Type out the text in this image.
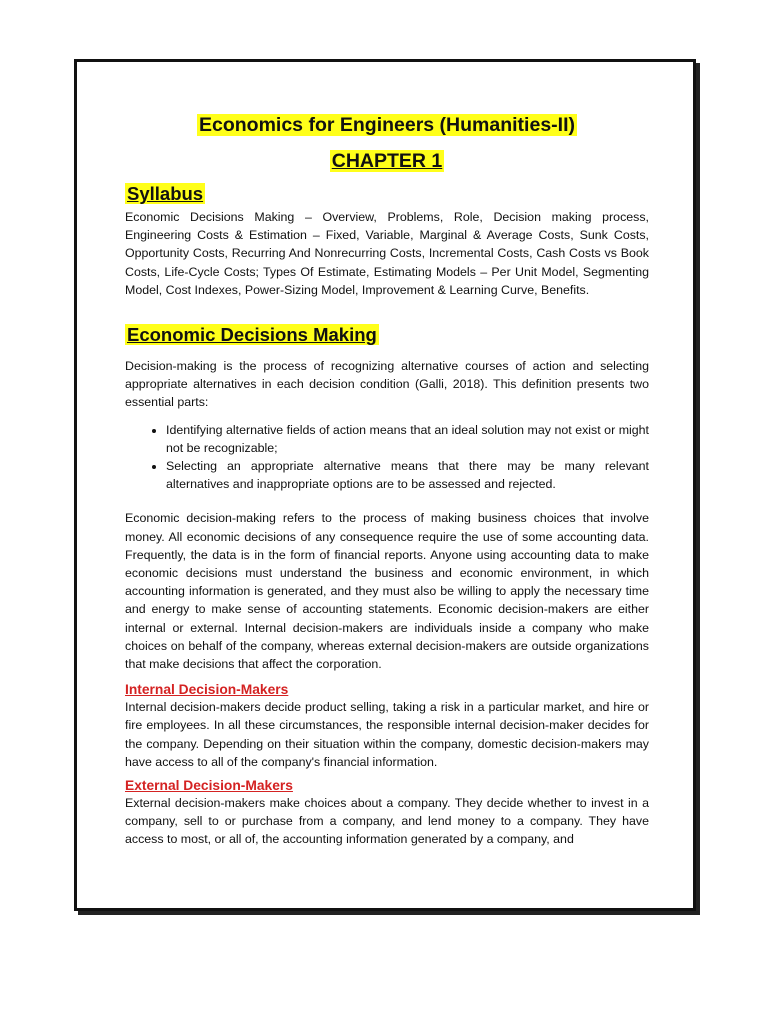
Economics for Engineers (Humanities-II)
CHAPTER 1
Syllabus

Economic Decisions Making – Overview, Problems, Role, Decision making process, Engineering Costs & Estimation – Fixed, Variable, Marginal & Average Costs, Sunk Costs, Opportunity Costs, Recurring And Nonrecurring Costs, Incremental Costs, Cash Costs vs Book Costs, Life-Cycle Costs; Types Of Estimate, Estimating Models – Per Unit Model, Segmenting Model, Cost Indexes, Power-Sizing Model, Improvement & Learning Curve, Benefits.

Economic Decisions Making

Decision-making is the process of recognizing alternative courses of action and selecting appropriate alternatives in each decision condition (Galli, 2018). This definition presents two essential parts:

• Identifying alternative fields of action means that an ideal solution may not exist or might not be recognizable;
• Selecting an appropriate alternative means that there may be many relevant alternatives and inappropriate options are to be assessed and rejected.

Economic decision-making refers to the process of making business choices that involve money. All economic decisions of any consequence require the use of some accounting data. Frequently, the data is in the form of financial reports. Anyone using accounting data to make economic decisions must understand the business and economic environment, in which accounting information is generated, and they must also be willing to apply the necessary time and energy to make sense of accounting statements. Economic decision-makers are either internal or external. Internal decision-makers are individuals inside a company who make choices on behalf of the company, whereas external decision-makers are outside organizations that make decisions that affect the corporation.

Internal Decision-Makers

Internal decision-makers decide product selling, taking a risk in a particular market, and hire or fire employees. In all these circumstances, the responsible internal decision-maker decides for the company. Depending on their situation within the company, domestic decision-makers may have access to all of the company's financial information.

External Decision-Makers

External decision-makers make choices about a company. They decide whether to invest in a company, sell to or purchase from a company, and lend money to a company. They have access to most, or all of, the accounting information generated by a company, and
